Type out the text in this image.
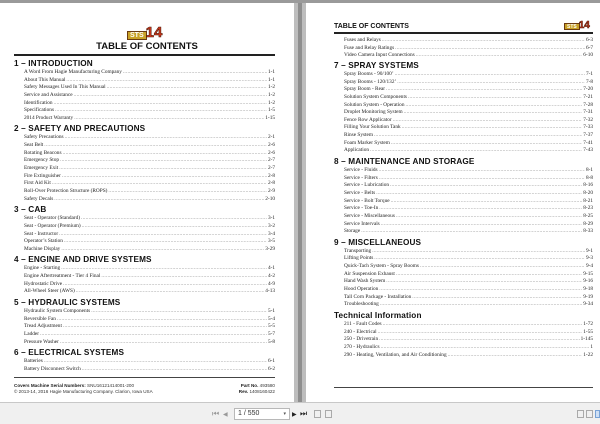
STS 14
TABLE OF CONTENTS
1 – INTRODUCTION
A Word From Hagie Manufacturing Company .....	1-1
About This Manual .....	1-1
Safety Messages Used In This Manual .....	1-2
Service and Assistance .....	1-2
Identification .....	1-2
Specifications .....	1-5
2014 Product Warranty .....	1-15
2 – SAFETY AND PRECAUTIONS
Safety Precautions .....	2-1
Seat Belt .....	2-6
Rotating Beacons .....	2-6
Emergency Stop .....	2-7
Emergency Exit .....	2-7
Fire Extinguisher .....	2-8
First Aid Kit .....	2-8
Roll-Over Protection Structure (ROPS) .....	2-9
Safety Decals .....	2-10
3 – CAB
Seat - Operator (Standard) .....	3-1
Seat - Operator (Premium) .....	3-2
Seat - Instructor .....	3-4
Operator’s Station .....	3-5
Machine Display .....	3-29
4 – ENGINE AND DRIVE SYSTEMS
Engine - Starting .....	4-1
Engine Aftertreatment - Tier 4 Final .....	4-2
Hydrostatic Drive .....	4-9
All-Wheel Steer (AWS) .....	4-13
5 – HYDRAULIC SYSTEMS
Hydraulic System Components .....	5-1
Reversible Fan .....	5-4
Tread Adjustment .....	5-5
Ladder .....	5-7
Pressure Washer .....	5-8
6 – ELECTRICAL SYSTEMS
Batteries .....	6-1
Battery Disconnect Switch .....	6-2
Covers Machine Serial Numbers: SNU16121414001-200
© 2013-14, 2016 Hagie Manufacturing Company. Clarion, Iowa USA
Part No. 493580
Rev. 1408160422
TABLE OF CONTENTS	STS 14
Fuses and Relays .....	6-3
Fuse and Relay Ratings .....	6-7
Video Camera Input Connections .....	6-10
7 – SPRAY SYSTEMS
Spray Booms - 90/100’ .....	7-1
Spray Booms - 120/132’ .....	7-8
Spray Boom - Rear .....	7-20
Solution System Components .....	7-21
Solution System - Operation .....	7-28
Droplet Monitoring System .....	7-31
Fence Row Applicator .....	7-32
Filling Your Solution Tank .....	7-33
Rinse System .....	7-37
Foam Marker System .....	7-41
Application .....	7-43
8 – MAINTENANCE AND STORAGE
Service - Fluids .....	8-1
Service - Filters .....	8-8
Service - Lubrication .....	8-16
Service - Belts .....	8-20
Service - Bolt Torque .....	8-21
Service - Toe-In .....	8-23
Service - Miscellaneous .....	8-25
Service Intervals .....	8-29
Storage .....	8-33
9 – MISCELLANEOUS
Transporting .....	9-1
Lifting Points .....	9-3
Quick-Tach System - Spray Booms .....	9-4
Air Suspension Exhaust .....	9-15
Hand Wash System .....	9-16
Hood Operation .....	9-18
Tall Corn Package - Installation .....	9-19
Troubleshooting .....	9-34
Technical Information
211 - Fault Codes .....	1-72
240 - Electrical .....	1-55
250 - Drivetrain .....	1-145
270 - Hydraulics .....	1
290 - Heating, Ventilation, and Air Conditioning .....	1-22
⏮ ◀	1 / 550	▾ ▶ ⏭
